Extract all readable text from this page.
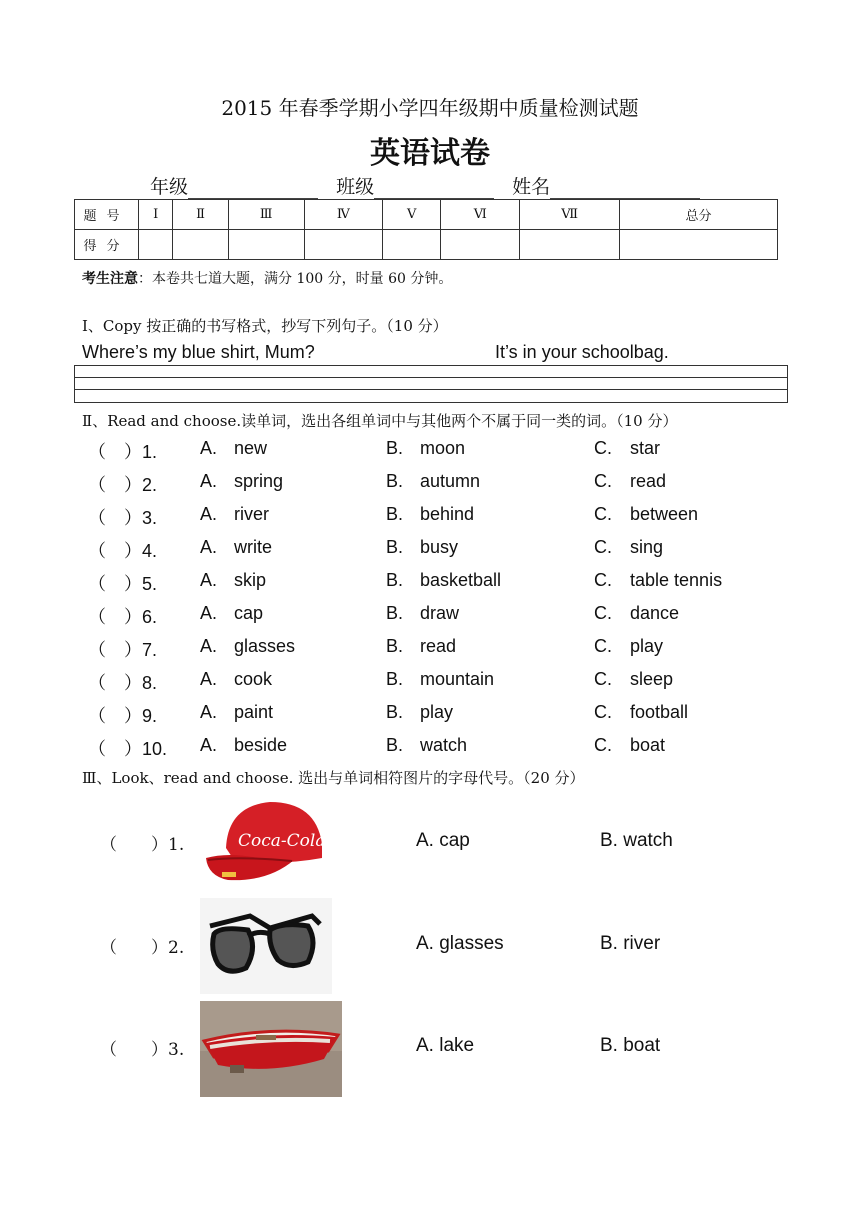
2015 年春季学期小学四年级期中质量检测试题
英语试卷
年级	班级	姓名
题号	Ⅰ	Ⅱ	Ⅲ	Ⅳ	Ⅴ	Ⅵ	Ⅶ	总分
得分								
考生注意：本卷共七道大题，满分 100 分，时量 60 分钟。
Ⅰ、Copy 按正确的书写格式，抄写下列句子。（10 分）
Where’s my blue shirt, Mum?	It’s in your schoolbag.
Ⅱ、Read and choose.读单词，选出各组单词中与其他两个不属于同一类的词。（10 分）
（　）1. A. new	B. moon	C. star
（　）2. A. spring	B. autumn	C. read
（　）3. A. river	B. behind	C. between
（　）4. A. write	B. busy	C. sing
（　）5. A. skip	B. basketball	C. table tennis
（　）6. A. cap	B. draw	C. dance
（　）7. A. glasses	B. read	C. play
（　）8. A. cook	B. mountain	C. sleep
（　）9. A. paint	B. play	C. football
（　）10. A. beside	B. watch	C. boat
Ⅲ、Look、read and choose. 选出与单词相符图片的字母代号。（20 分）
（　　）1.	A. cap	B. watch
Coca-Cola
（　　）2.	A. glasses	B. river
（　　）3.	A. lake	B. boat
